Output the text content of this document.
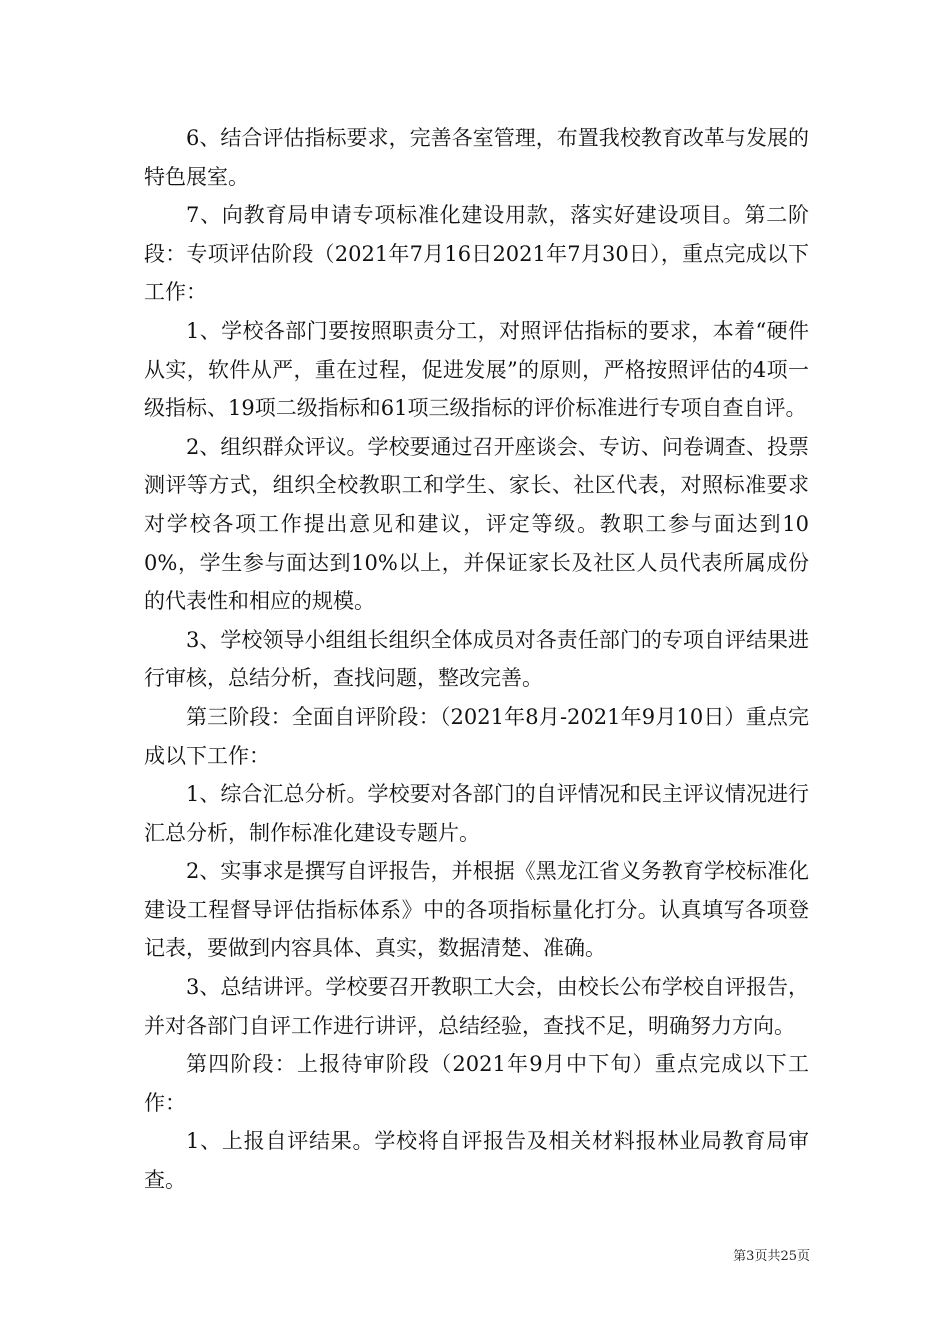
6、结合评估指标要求，完善各室管理，布置我校教育改革与发展的特色展室。

7、向教育局申请专项标准化建设用款，落实好建设项目。第二阶段：专项评估阶段（2021年7月16日2021年7月30日），重点完成以下工作：

1、学校各部门要按照职责分工，对照评估指标的要求，本着“硬件从实，软件从严，重在过程，促进发展”的原则，严格按照评估的4项一级指标、19项二级指标和61项三级指标的评价标准进行专项自查自评。

2、组织群众评议。学校要通过召开座谈会、专访、问卷调查、投票测评等方式，组织全校教职工和学生、家长、社区代表，对照标准要求对学校各项工作提出意见和建议，评定等级。教职工参与面达到100%，学生参与面达到10%以上，并保证家长及社区人员代表所属成份的代表性和相应的规模。

3、学校领导小组组长组织全体成员对各责任部门的专项自评结果进行审核，总结分析，查找问题，整改完善。

第三阶段：全面自评阶段：（2021年8月-2021年9月10日）重点完成以下工作：

1、综合汇总分析。学校要对各部门的自评情况和民主评议情况进行汇总分析，制作标准化建设专题片。

2、实事求是撰写自评报告，并根据《黑龙江省义务教育学校标准化建设工程督导评估指标体系》中的各项指标量化打分。认真填写各项登记表，要做到内容具体、真实，数据清楚、准确。

3、总结讲评。学校要召开教职工大会，由校长公布学校自评报告，并对各部门自评工作进行讲评，总结经验，查找不足，明确努力方向。

第四阶段：上报待审阶段（2021年9月中下旬）重点完成以下工作：

1、上报自评结果。学校将自评报告及相关材料报林业局教育局审查。

第3页共25页
